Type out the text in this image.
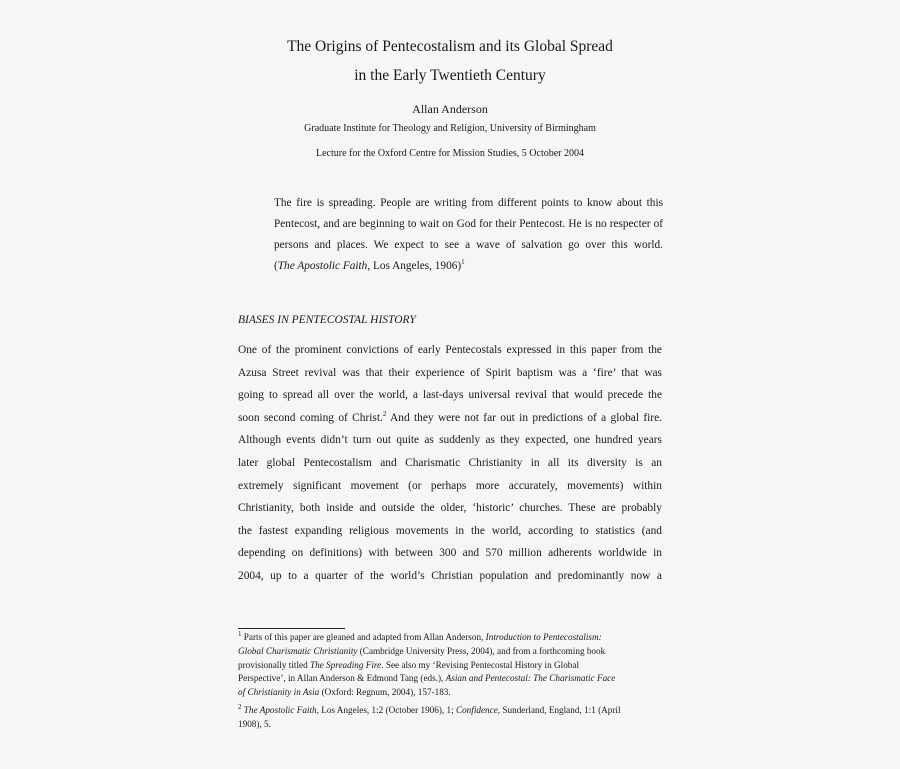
The Origins of Pentecostalism and its Global Spread
in the Early Twentieth Century
Allan Anderson
Graduate Institute for Theology and Religion, University of Birmingham
Lecture for the Oxford Centre for Mission Studies, 5 October 2004
The fire is spreading. People are writing from different points to know about this
Pentecost, and are beginning to wait on God for their Pentecost. He is no respecter of
persons and places. We expect to see a wave of salvation go over this world.
(The Apostolic Faith, Los Angeles, 1906)$^1$
BIASES IN PENTECOSTAL HISTORY
One of the prominent convictions of early Pentecostals expressed in this paper from the
Azusa Street revival was that their experience of Spirit baptism was a ‘fire’ that was
going to spread all over the world, a last-days universal revival that would precede the
soon second coming of Christ.$^2$ And they were not far out in predictions of a global fire.
Although events didn’t turn out quite as suddenly as they expected, one hundred years
later global Pentecostalism and Charismatic Christianity in all its diversity is an
extremely significant movement (or perhaps more accurately, movements) within
Christianity, both inside and outside the older, ‘historic’ churches. These are probably
the fastest expanding religious movements in the world, according to statistics (and
depending on definitions) with between 300 and 570 million adherents worldwide in
2004, up to a quarter of the world’s Christian population and predominantly now a
$^1$ Parts of this paper are gleaned and adapted from Allan Anderson, Introduction to Pentecostalism:
Global Charismatic Christianity (Cambridge University Press, 2004), and from a forthcoming book
provisionally titled The Spreading Fire. See also my ‘Revising Pentecostal History in Global
Perspective’, in Allan Anderson & Edmond Tang (eds.), Asian and Pentecostal: The Charismatic Face
of Christianity in Asia (Oxford: Regnum, 2004), 157-183.
$^2$ The Apostolic Faith, Los Angeles, 1:2 (October 1906), 1; Confidence, Sunderland, England, 1:1 (April
1908), 5.
